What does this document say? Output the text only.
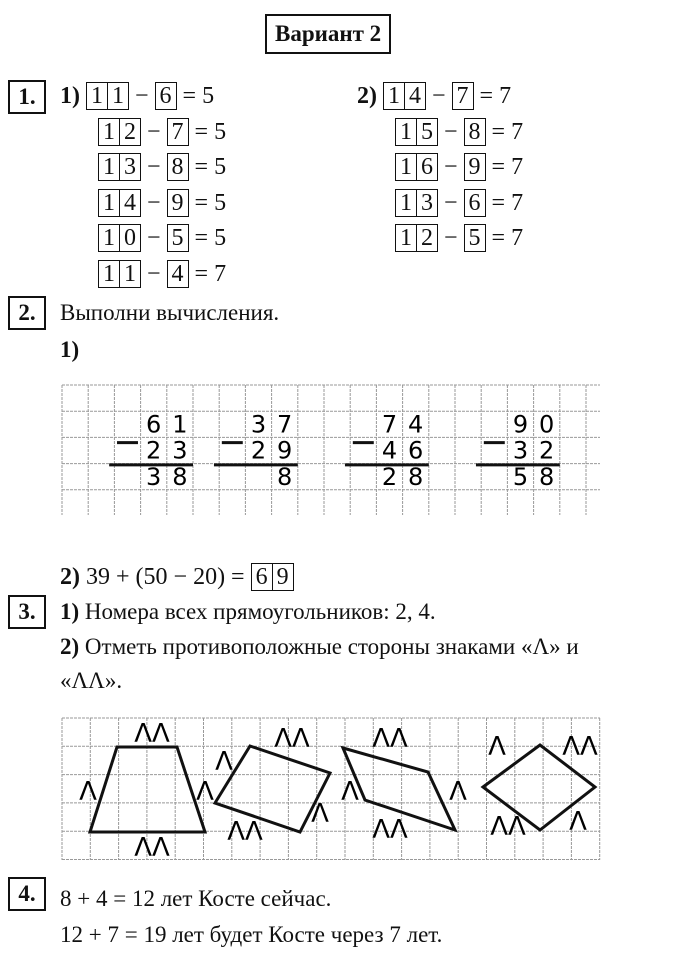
Вариант 2
1.	1) 1 1 − 6 = 5
1 2 − 7 = 5
1 3 − 8 = 5
1 4 − 9 = 5
1 0 − 5 = 5
1 1 − 4 = 7
2) 1 4 − 7 = 7
1 5 − 8 = 7
1 6 − 9 = 7
1 3 − 6 = 7
1 2 − 5 = 7
2.	Выполни вычисления.
1)
6 1
2 3
3 8
3 7
2 9
8
7 4
4 6
2 8
9 0
3 2
5 8
2) 39 + (50 − 20) = 6 9
3.	1) Номера всех прямоугольников: 2, 4.
2) Отметь противоположные стороны знаками «Λ» и
«ΛΛ».
ΛΛ
Λ	Λ
ΛΛ
Λ
ΛΛ
Λ
ΛΛ
ΛΛ
Λ	Λ
ΛΛ
Λ ΛΛ
ΛΛ Λ
4.	8 + 4 = 12 лет Косте сейчас.
12 + 7 = 19 лет будет Косте через 7 лет.
